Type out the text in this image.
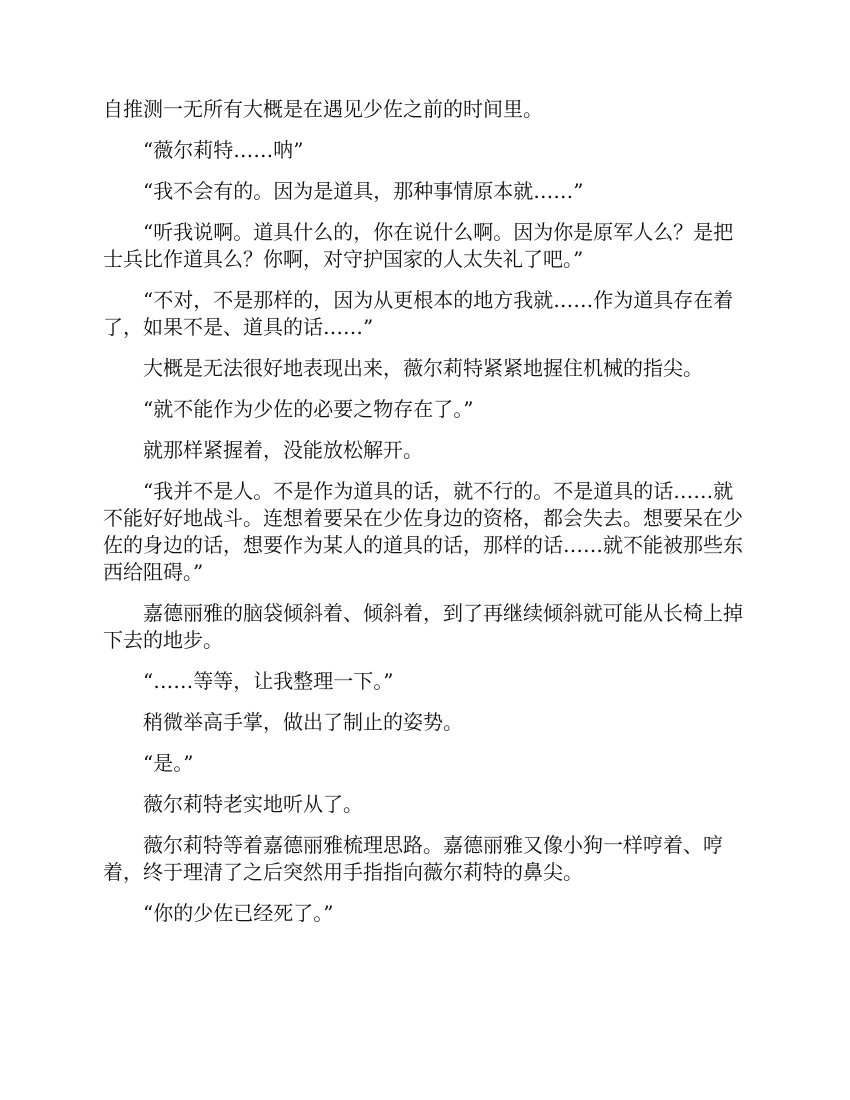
自推测一无所有大概是在遇见少佐之前的时间里。

“薇尔莉特……呐”

“我不会有的。因为是道具，那种事情原本就……”

“听我说啊。道具什么的，你在说什么啊。因为你是原军人么？是把士兵比作道具么？你啊，对守护国家的人太失礼了吧。”

“不对，不是那样的，因为从更根本的地方我就……作为道具存在着了，如果不是、道具的话……”

大概是无法很好地表现出来，薇尔莉特紧紧地握住机械的指尖。

“就不能作为少佐的必要之物存在了。”

就那样紧握着，没能放松解开。

“我并不是人。不是作为道具的话，就不行的。不是道具的话……就不能好好地战斗。连想着要呆在少佐身边的资格，都会失去。想要呆在少佐的身边的话，想要作为某人的道具的话，那样的话……就不能被那些东西给阻碍。”

嘉德丽雅的脑袋倾斜着、倾斜着，到了再继续倾斜就可能从长椅上掉下去的地步。

“……等等，让我整理一下。”

稍微举高手掌，做出了制止的姿势。

“是。”

薇尔莉特老实地听从了。

薇尔莉特等着嘉德丽雅梳理思路。嘉德丽雅又像小狗一样哼着、哼着，终于理清了之后突然用手指指向薇尔莉特的鼻尖。

“你的少佐已经死了。”
